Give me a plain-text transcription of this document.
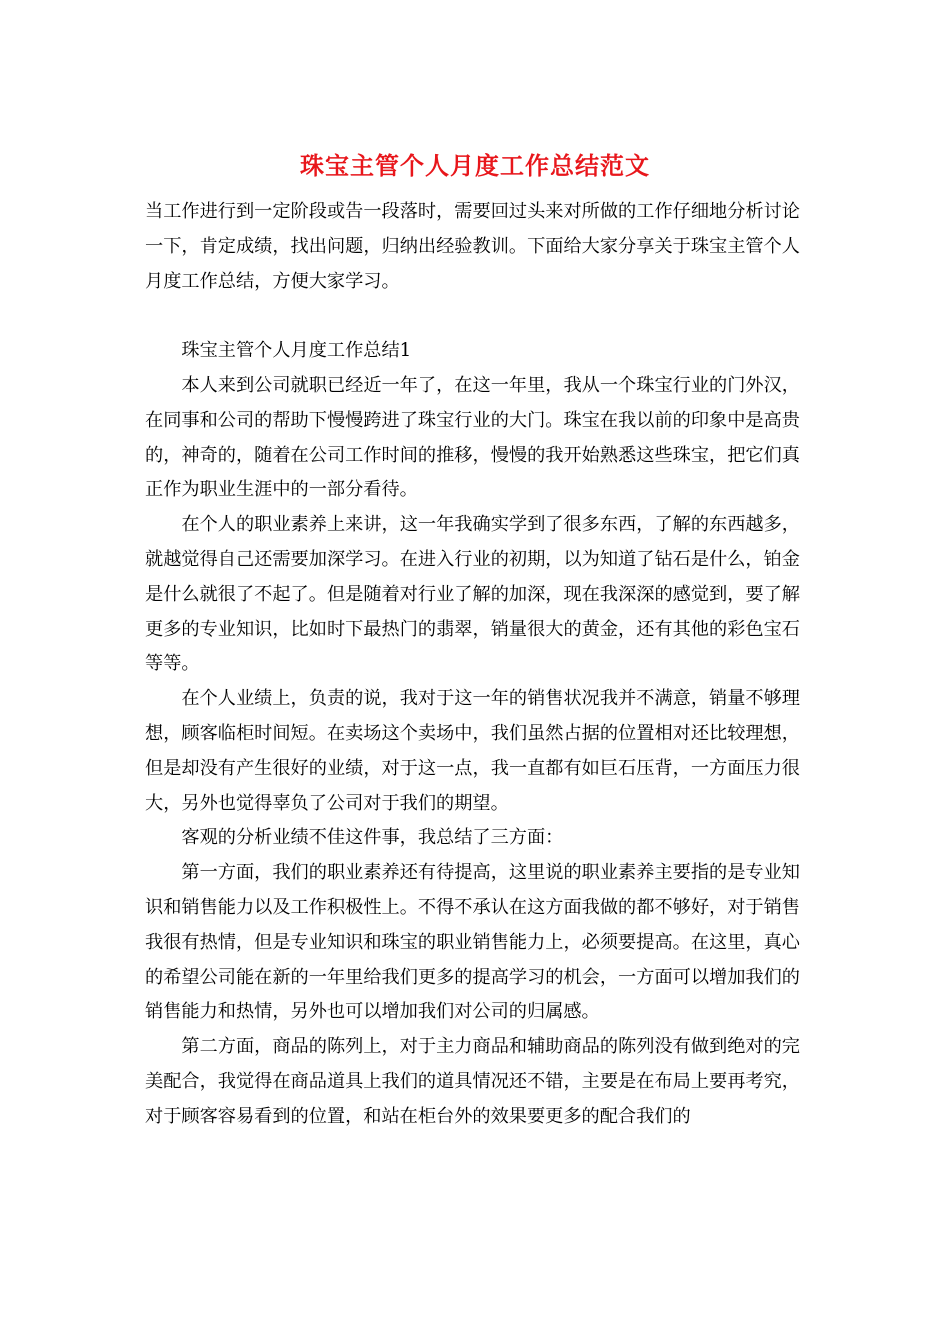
珠宝主管个人月度工作总结范文

当工作进行到一定阶段或告一段落时，需要回过头来对所做的工作仔细地分析讨论一下，肯定成绩，找出问题，归纳出经验教训。下面给大家分享关于珠宝主管个人月度工作总结，方便大家学习。

珠宝主管个人月度工作总结1

本人来到公司就职已经近一年了，在这一年里，我从一个珠宝行业的门外汉，在同事和公司的帮助下慢慢跨进了珠宝行业的大门。珠宝在我以前的印象中是高贵的，神奇的，随着在公司工作时间的推移，慢慢的我开始熟悉这些珠宝，把它们真正作为职业生涯中的一部分看待。

在个人的职业素养上来讲，这一年我确实学到了很多东西，了解的东西越多，就越觉得自己还需要加深学习。在进入行业的初期，以为知道了钻石是什么，铂金是什么就很了不起了。但是随着对行业了解的加深，现在我深深的感觉到，要了解更多的专业知识，比如时下最热门的翡翠，销量很大的黄金，还有其他的彩色宝石等等。

在个人业绩上，负责的说，我对于这一年的销售状况我并不满意，销量不够理想，顾客临柜时间短。在卖场这个卖场中，我们虽然占据的位置相对还比较理想，但是却没有产生很好的业绩，对于这一点，我一直都有如巨石压背，一方面压力很大，另外也觉得辜负了公司对于我们的期望。

客观的分析业绩不佳这件事，我总结了三方面：

第一方面，我们的职业素养还有待提高，这里说的职业素养主要指的是专业知识和销售能力以及工作积极性上。不得不承认在这方面我做的都不够好，对于销售我很有热情，但是专业知识和珠宝的职业销售能力上，必须要提高。在这里，真心的希望公司能在新的一年里给我们更多的提高学习的机会，一方面可以增加我们的销售能力和热情，另外也可以增加我们对公司的归属感。

第二方面，商品的陈列上，对于主力商品和辅助商品的陈列没有做到绝对的完美配合，我觉得在商品道具上我们的道具情况还不错，主要是在布局上要再考究，对于顾客容易看到的位置，和站在柜台外的效果要更多的配合我们的
